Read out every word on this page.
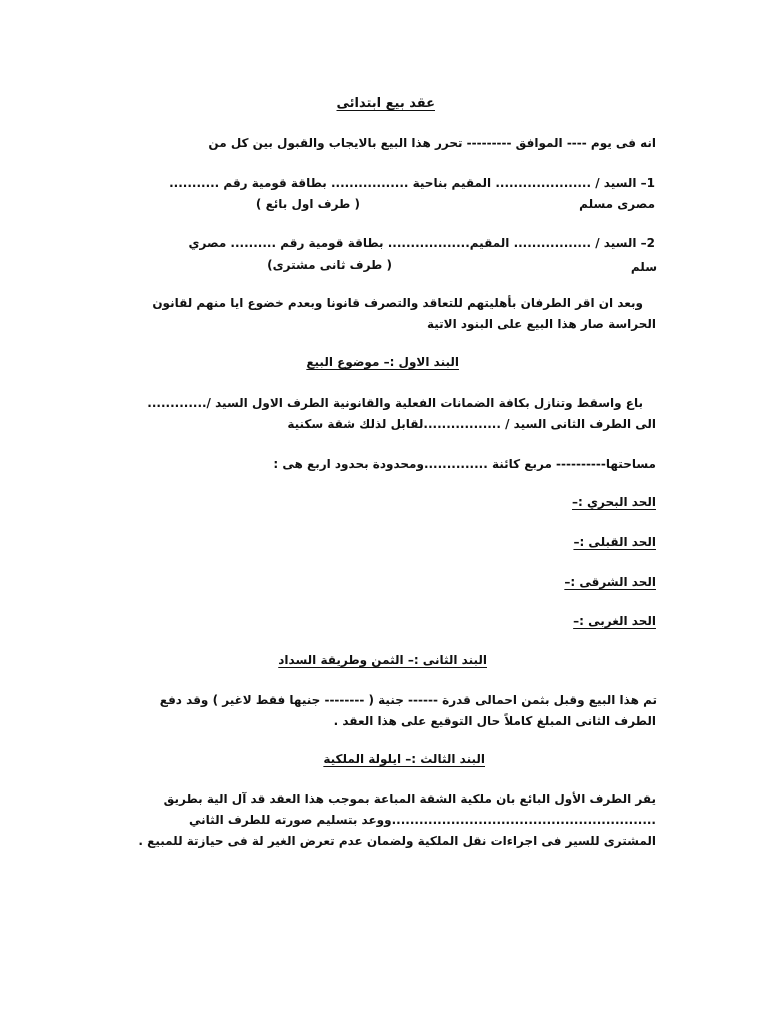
عقد بيع ابتدائى
انه فى يوم ---- الموافق --------- تحرر هذا البيع بالايجاب والقبول بين كل من
1– السيد / ..................... المقيم بناحية ................. بطاقة قومية رقم ...........
( طرف اول بائع )	مصرى مسلم
2– السيد / ................. المقيم.................. بطاقة قومية رقم .......... مصري
( طرف ثانى مشترى)	سلم
وبعد ان اقر الطرفان بأهليتهم للتعاقد والتصرف قانونا وبعدم خضوع ايا منهم لقانون
الحراسة صار هذا البيع على البنود الاتية
البند الاول :– موضوع البيع
باع واسقط وتنازل بكافة الضمانات الفعلية والقانونية الطرف الاول السيد /.............
الى الطرف الثانى السيد / .................لقابل لذلك شقة سكنية
مساحتها---------- مربع كائنة ..............ومحدودة بحدود اربع هى :
الحد البحري :–
الحد القبلى :–
الحد الشرقى :–
الحد الغربى :–
البند الثانى :– الثمن وطريقة السداد
تم هذا البيع وقبل بثمن احمالى قدرة ------ جنية ( -------- جنيها فقط لاغير ) وقد دفع
الطرف الثانى المبلغ كاملاً حال التوقيع على هذا العقد .
البند الثالث :– ايلولة الملكية
يقر الطرف الأول البائع بان ملكية الشقة المباعة بموجب هذا العقد قد آل الية بطريق
..........................................................ووعد بتسليم صورته للطرف الثاني
المشترى للسير فى اجراءات نقل الملكية ولضمان عدم تعرض الغير لة فى حيازتة للمبيع .
